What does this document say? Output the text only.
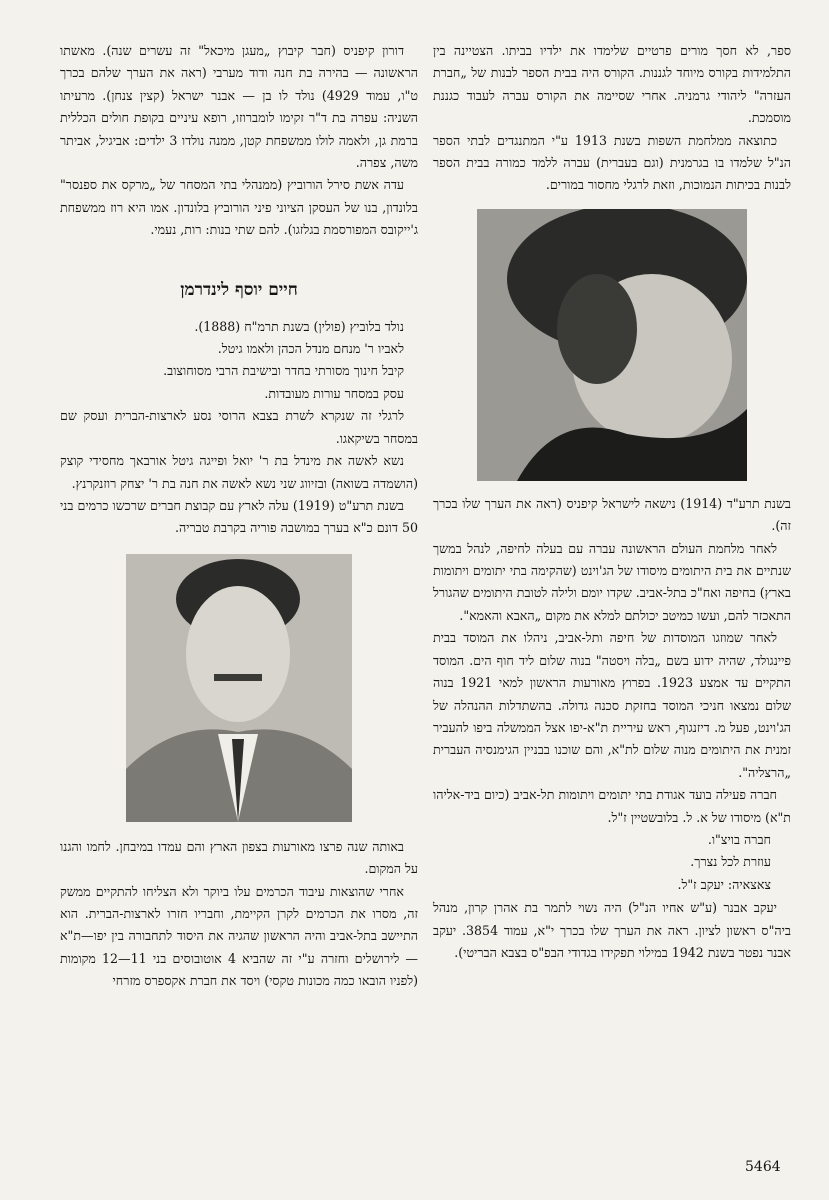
ספר, לא חסך מורים פרטיים שלימדו את ילדיו בביתו. הצטיינה בין התלמידות בקורס מיוחד לגננות. הקורס היה בבית הספר לבנות של „חברת העזרה" ליהודי גרמניה. אחרי שסיימה את הקורס עברה לעבוד כגננת מוסמכת.

כתוצאה ממלחמת השפות בשנת 1913 ע"י המתנגדים לבתי הספר הנ"ל שלמדו בו בגרמנית (וגם בעברית) עברה ללמד כמורה בבית הספר לבנות בכיתות הנמוכות, וזאת לרגלי מחסור במורים.

בשנת תרע"ד (1914) נישאה לישראל קיפניס (ראה את הערך שלו בכרך זה).

לאחר מלחמת העולם הראשונה עברה עם בעלה לחיפה, לנהל במשך שנתיים את בית היתומים מיסודו של הג'וינט (שהקימה בתי יתומים ויתומות בארץ) בחיפה ואח"כ בתל-אביב. שקדו יומם ולילה לטובת היתומים שהגורל התאכזר להם, ועשו כמיטב יכולתם למלא את מקום „האבא והאמא".

לאחר שמוזגו המוסדות של חיפה ותל-אביב, ניהלו את המוסד בבית פיינגולד, שהיה ידוע בשם „בלה ויסטה" בנוה שלום ליד חוף הים. המוסד התקיים עד אמצע 1923. בפרוץ מאורעות הראשון למאי 1921 בנוה שלום נמצאו חניכי המוסד בחזקת סכנה גדולה. בהשתדלות ההנהלה של הג'וינט, פעל מ. דיזנגוף, ראש עיריית ת"א-יפו אצל הממשלה ביפו להעביר זמנית את היתומים מנוה שלום לת"א, והם שוכנו בבניין הגימנסיה העברית „הרצליה".

חברה פעילה בועד אגודת בתי יתומים ויתומות תל-אביב (כיום ביד-אליהו ת"א) מיסודו של א. ל. בלובשטיין ז"ל.

חברה בויצ"ו.

עוזרת לכל נצרך.

צאצאיה: יעקב ז"ל.

יעקב אבנר (ע"ש אחיו הנ"ל) היה נשוי לתמר בת אהרן קרון, מנהל ביה"ס ראשון לציון. ראה את הערך שלו בכרך י"א, עמוד 3854. יעקב אבנר נפטר בשנת 1942 במילוי תפקידו בגדודי הבפ"ס בצבא הבריטי).

דורון קיפניס (חבר קיבוץ „מעגן מיכאל" זה עשרים שנה). מאשתו הראשונה — בהירה בת חנה ודוד מערבי (ראה את הערך שלהם בכרך ט"ו, עמוד 4929) נולד לו בן — אבנר ישראל (קצין צנחן). מרעיתו השניה: עפרה בת ד"ר זקימו לומברוזו, רופא עיניים בקופת חולים הכללית ברמת גן, ולאמה לולו ממשפחת קטן, ממנה נולדו 3 ילדים: אביגיל, אביתר משה, צפרה.

עדה אשת סירל הורוביץ (ממנהלי בתי המסחר של „מרקס את ספנסר" בלונדון, בנו של העסקן הציוני פיני הורוביץ בלונדון. אמו היא רוז ממשפחת ג'ייקובס המפורסמת בגלזגו). להם שתי בנות: רות, נעמי.

חיים יוסף לינדרמן

נולד בלוביץ (פולין) בשנת תרמ"ח (1888).

לאביו ר' מנחם מנדל הכהן ולאמו גיטל.

קיבל חינוך מסורתי בחדר ובישיבת הרבי מסוחוצוב.

עסק במסחר עורות מעובדות.

לרגלי זה שנקרא לשרת בצבא הרוסי נסע לארצות-הברית ועסק שם במסחר בשיקאגו.

נשא לאשה את מינדל בת ר' יואל ופייגה גיטל אורבאך מחסידי קוצק (הושמדה בשואה) ובזיווג שני נשא לאשה את חנה בת ר' יצחק רוזנקרנץ.

בשנת תרע"ט (1919) עלה לארץ עם קבוצת חברים שרכשו כרמים בני 50 דונם כ"א בערך במושבה פוריה בקרבת טבריה.

באותה שנה פרצו מאורעות בצפון הארץ והם עמדו במיבחן. לחמו והגנו על המקום.

אחרי שהוצאות עיבוד הכרמים עלו ביוקר ולא הצליחו להתקיים ממשק זה, מסרו את הכרמים לקרן הקיימת, וחבריו חזרו לארצות-הברית. הוא התיישב בתל-אביב והיה הראשון שהגיה את היסוד לתחבורה בין יפו—ת"א — לירושלים וחזרה ע"י זה שהביא 4 אוטובוסים בני 11—12 מקומות (לפניו הובאו כמה מכונות טקסי) ויסד את חברת אקספרס מזרחי

5464
